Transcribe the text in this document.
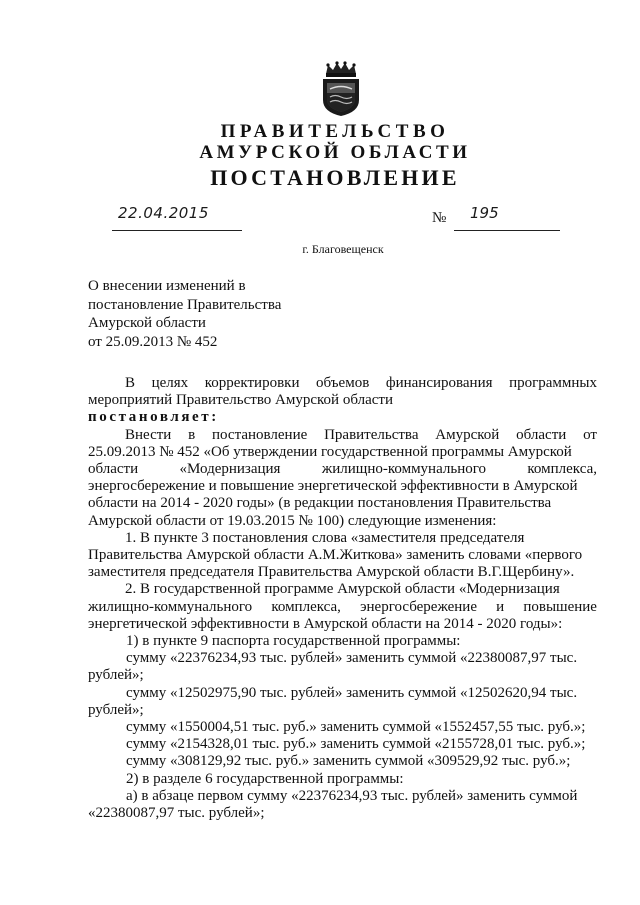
ПРАВИТЕЛЬСТВО
АМУРСКОЙ ОБЛАСТИ
ПОСТАНОВЛЕНИЕ
22.04.2015	№ 195
г. Благовещенск
О внесении изменений в
постановление Правительства
Амурской области
от 25.09.2013 № 452
В целях корректировки объемов финансирования программных
мероприятий Правительство Амурской области
постановляет:
Внести в постановление Правительства Амурской области от
25.09.2013 № 452 «Об утверждении государственной программы Амурской
области	«Модернизация	жилищно-коммунального	комплекса,
энергосбережение и повышение энергетической эффективности в Амурской
области на 2014 - 2020 годы» (в редакции постановления Правительства
Амурской области от 19.03.2015 № 100) следующие изменения:
1. В пункте 3 постановления слова «заместителя председателя
Правительства Амурской области А.М.Житкова» заменить словами «первого
заместителя председателя Правительства Амурской области В.Г.Щербину».
2. В государственной программе Амурской области «Модернизация
жилищно-коммунального комплекса, энергосбережение и повышение
энергетической эффективности в Амурской области на 2014 - 2020 годы»:
1) в пункте 9 паспорта государственной программы:
сумму «22376234,93 тыс. рублей» заменить суммой «22380087,97 тыс.
рублей»;
сумму «12502975,90 тыс. рублей» заменить суммой «12502620,94 тыс.
рублей»;
сумму «1550004,51 тыс. руб.» заменить суммой «1552457,55 тыс. руб.»;
сумму «2154328,01 тыс. руб.» заменить суммой «2155728,01 тыс. руб.»;
сумму «308129,92 тыс. руб.» заменить суммой «309529,92 тыс. руб.»;
2) в разделе 6 государственной программы:
а) в абзаце первом сумму «22376234,93 тыс. рублей» заменить суммой
«22380087,97 тыс. рублей»;
